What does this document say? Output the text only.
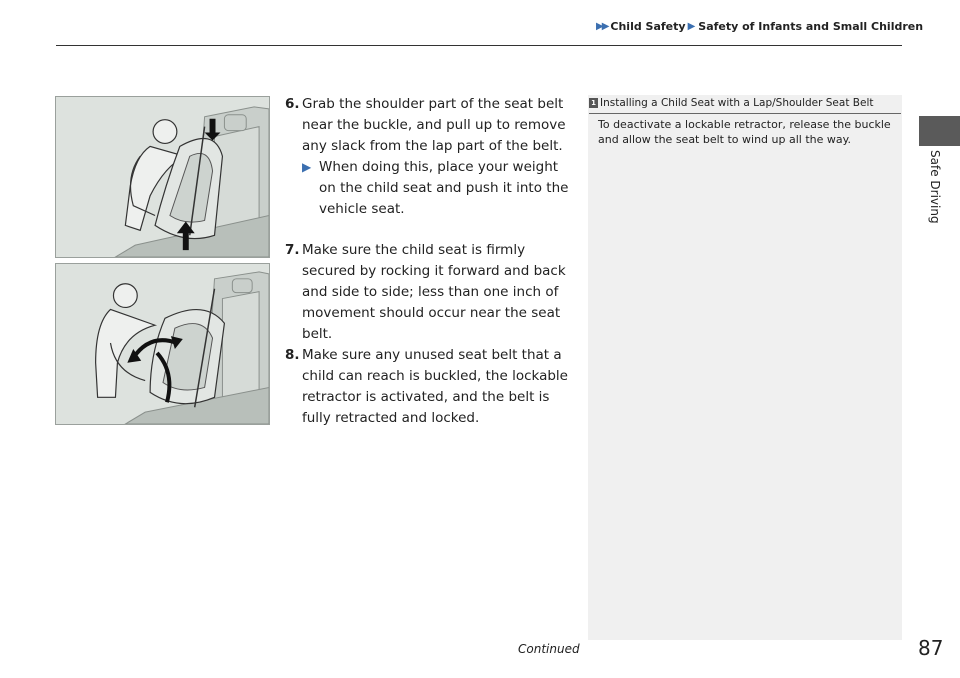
▶▶ Child Safety ▶ Safety of Infants and Small Children
Safe Driving
6. Grab the shoulder part of the seat belt near the buckle, and pull up to remove any slack from the lap part of the belt.
▶ When doing this, place your weight on the child seat and push it into the vehicle seat.
7. Make sure the child seat is firmly secured by rocking it forward and back and side to side; less than one inch of movement should occur near the seat belt.
8. Make sure any unused seat belt that a child can reach is buckled, the lockable retractor is activated, and the belt is fully retracted and locked.
1 Installing a Child Seat with a Lap/Shoulder Seat Belt
To deactivate a lockable retractor, release the buckle and allow the seat belt to wind up all the way.
Continued	87
